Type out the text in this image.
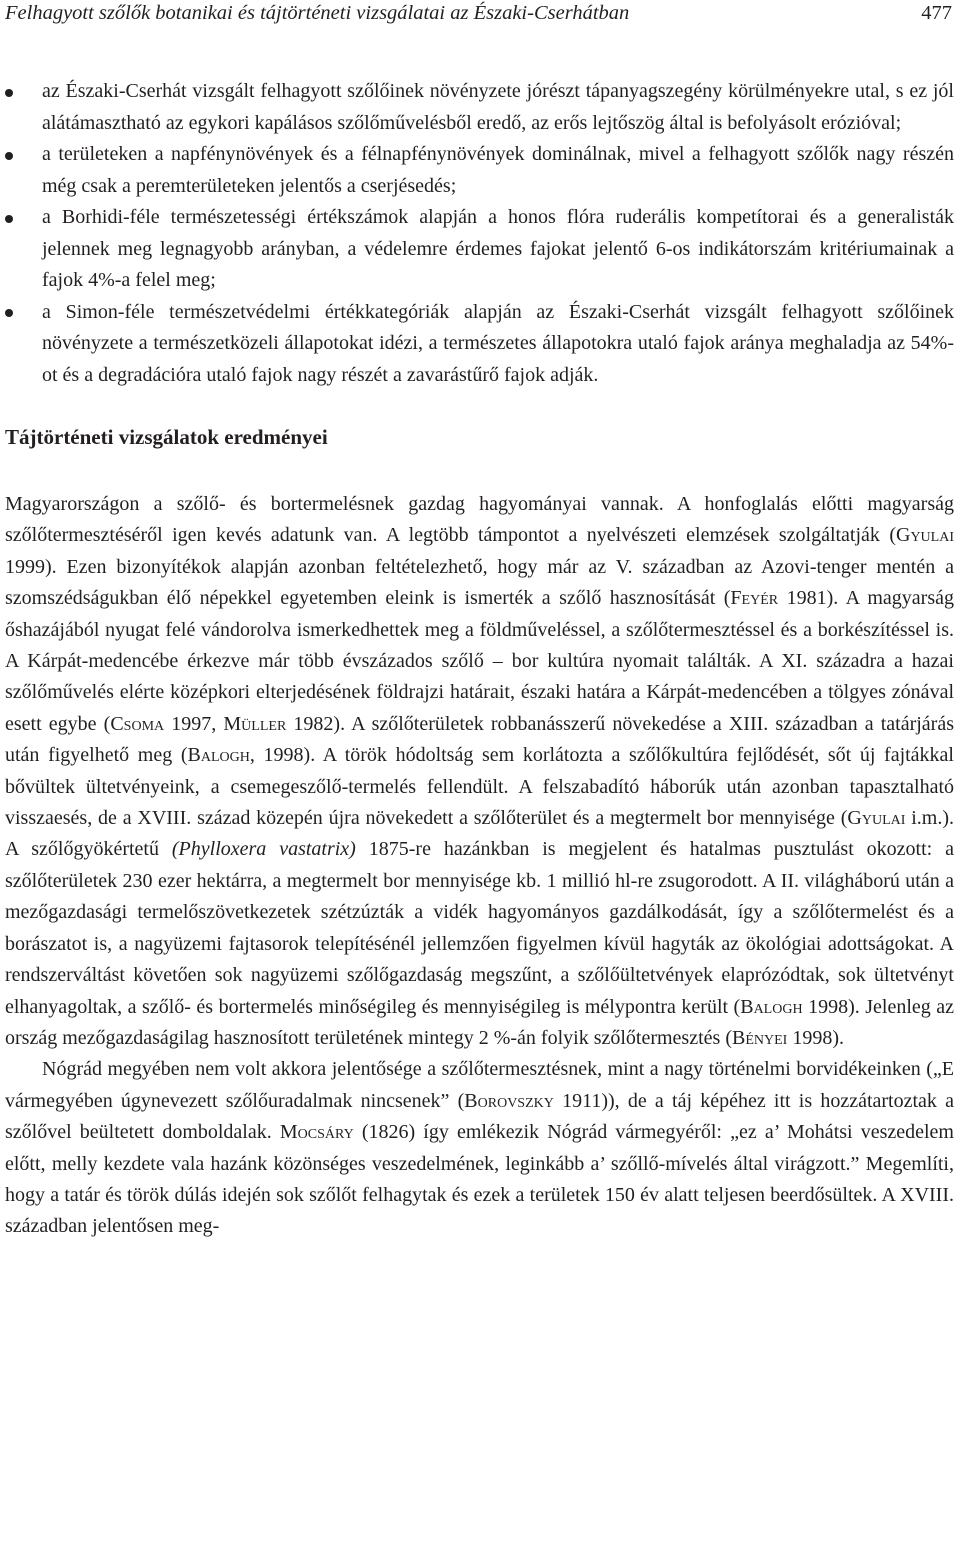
Felhagyott szőlők botanikai és tájtörténeti vizsgálatai az Északi-Cserhátban	477
az Északi-Cserhát vizsgált felhagyott szőlőinek növényzete jórészt tápanyagszegény körülményekre utal, s ez jól alátámasztható az egykori kapálásos szőlőművelésből eredő, az erős lejtőszög által is befolyásolt erózióval;
a területeken a napfénynövények és a félnapfénynövények dominálnak, mivel a felhagyott szőlők nagy részén még csak a peremterületeken jelentős a cserjésedés;
a Borhidi-féle természetességi értékszámok alapján a honos flóra ruderális kompetítorai és a generalisták jelennek meg legnagyobb arányban, a védelemre érdemes fajokat jelentő 6-os indikátorszám kritériumainak a fajok 4%-a felel meg;
a Simon-féle természetvédelmi értékkategóriák alapján az Északi-Cserhát vizsgált felhagyott szőlőinek növényzete a természetközeli állapotokat idézi, a természetes állapotokra utaló fajok aránya meghaladja az 54%-ot és a degradációra utaló fajok nagy részét a zavarástűrő fajok adják.
Tájtörténeti vizsgálatok eredményei

Magyarországon a szőlő- és bortermelésnek gazdag hagyományai vannak. A honfoglalás előtti magyarság szőlőtermesztéséről igen kevés adatunk van. A legtöbb támpontot a nyelvészeti elemzések szolgáltatják (Gyulai 1999). Ezen bizonyítékok alapján azonban feltételezhető, hogy már az V. században az Azovi-tenger mentén a szomszédságukban élő népekkel egyetemben eleink is ismerték a szőlő hasznosítását (Feyér 1981). A magyarság őshazájából nyugat felé vándorolva ismerkedhettek meg a földműveléssel, a szőlőtermesztéssel és a borkészítéssel is. A Kárpát-medencébe érkezve már több évszázados szőlő – bor kultúra nyomait találták. A XI. századra a hazai szőlőművelés elérte középkori elterjedésének földrajzi határait, északi határa a Kárpát-medencében a tölgyes zónával esett egybe (Csoma 1997, Müller 1982). A szőlőterületek robbanásszerű növekedése a XIII. században a tatárjárás után figyelhető meg (Balogh, 1998). A török hódoltság sem korlátozta a szőlőkultúra fejlődését, sőt új fajtákkal bővültek ültetvényeink, a csemegeszőlő-termelés fellendült. A felszabadító háborúk után azonban tapasztalható visszaesés, de a XVIII. század közepén újra növekedett a szőlőterület és a megtermelt bor mennyisége (Gyulai i.m.). A szőlőgyökértetű (Phylloxera vastatrix) 1875-re hazánkban is megjelent és hatalmas pusztulást okozott: a szőlőterületek 230 ezer hektárra, a megtermelt bor mennyisége kb. 1 millió hl-re zsugorodott. A II. világháború után a mezőgazdasági termelőszövetkezetek szétzúzták a vidék hagyományos gazdálkodását, így a szőlőtermelést és a borászatot is, a nagyüzemi fajtasorok telepítésénél jellemzően figyelmen kívül hagyták az ökológiai adottságokat. A rendszerváltást követően sok nagyüzemi szőlőgazdaság megszűnt, a szőlőültetvények elaprózódtak, sok ültetvényt elhanyagoltak, a szőlő- és bortermelés minőségileg és mennyiségileg is mélypontra került (Balogh 1998). Jelenleg az ország mezőgazdaságilag hasznosított területének mintegy 2 %-án folyik szőlőtermesztés (Bényei 1998).

Nógrád megyében nem volt akkora jelentősége a szőlőtermesztésnek, mint a nagy történelmi borvidékeinken („E vármegyében úgynevezett szőlőuradalmak nincsenek” (Borovszky 1911)), de a táj képéhez itt is hozzátartoztak a szőlővel beültetett domboldalak. Mocsáry (1826) így emlékezik Nógrád vármegyéről: „ez a’ Mohátsi veszedelem előtt, melly kezdete vala hazánk közönséges veszedelmének, leginkább a’ szőllő-mívelés által virágzott.” Megemlíti, hogy a tatár és török dúlás idején sok szőlőt felhagytak és ezek a területek 150 év alatt teljesen beerdősültek. A XVIII. században jelentősen meg-
